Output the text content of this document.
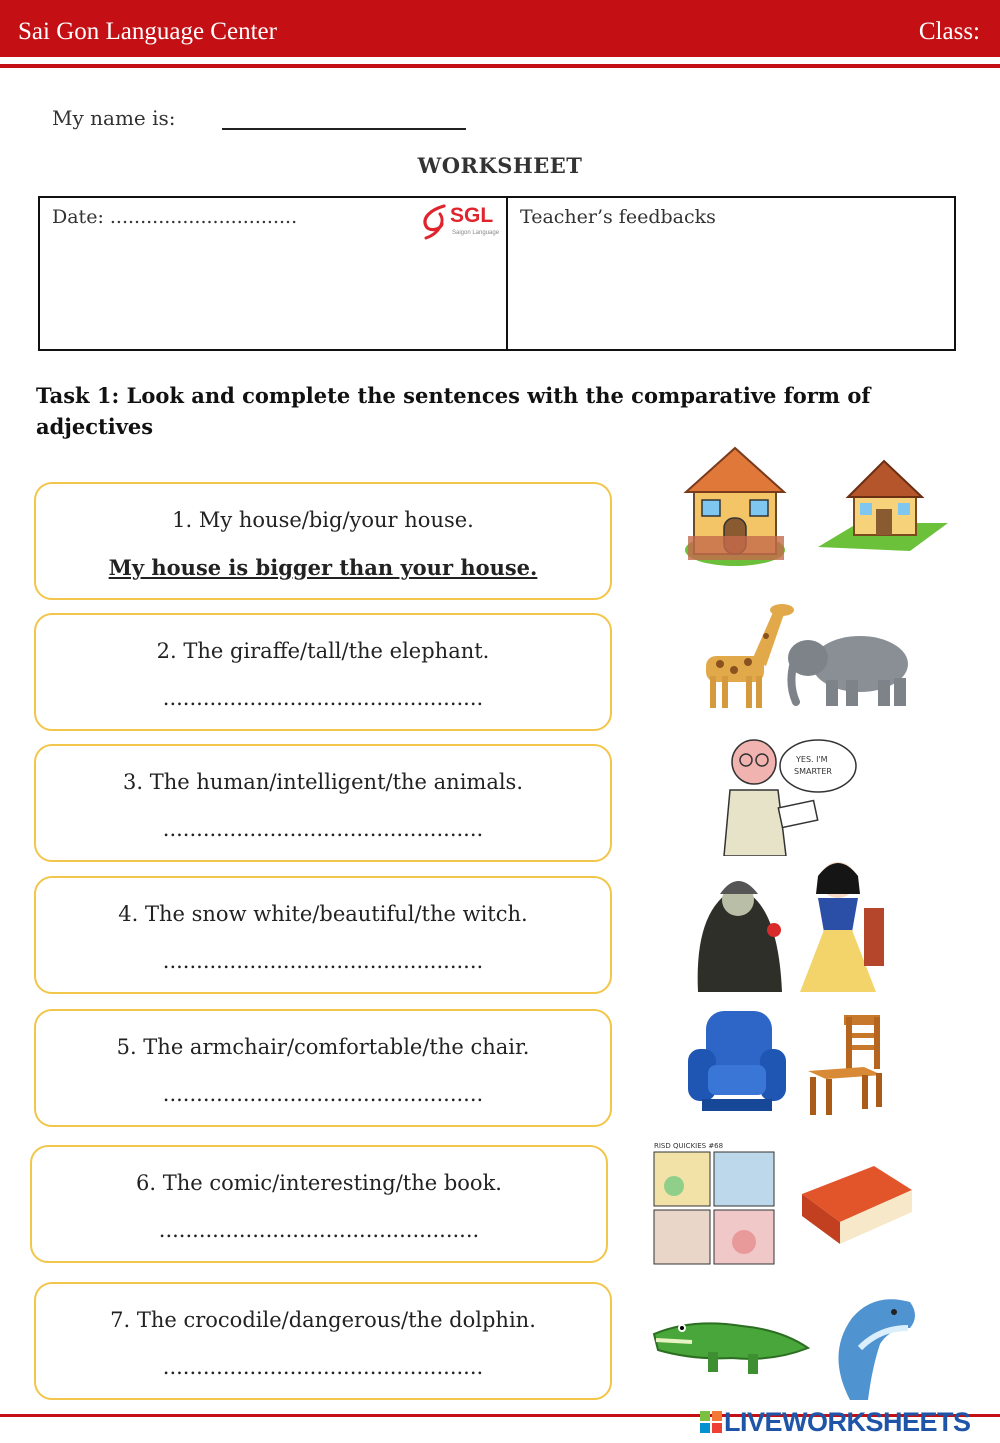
Sai Gon Language Center	Class:
My name is:
WORKSHEET
Date: ...............................	SGL
Saigon Language
Teacher’s feedbacks
Task 1: Look and complete the sentences with the comparative form of adjectives
1. My house/big/your house.
My house is bigger than your house.
2. The giraffe/tall/the elephant.
................................................
3. The human/intelligent/the animals.
................................................
4. The snow white/beautiful/the witch.
................................................
5. The armchair/comfortable/the chair.
................................................
6. The comic/interesting/the book.
................................................
7. The crocodile/dangerous/the dolphin.
................................................
YES. I'M
SMARTER
RISD QUICKIES #68
LIVEWORKSHEETS
